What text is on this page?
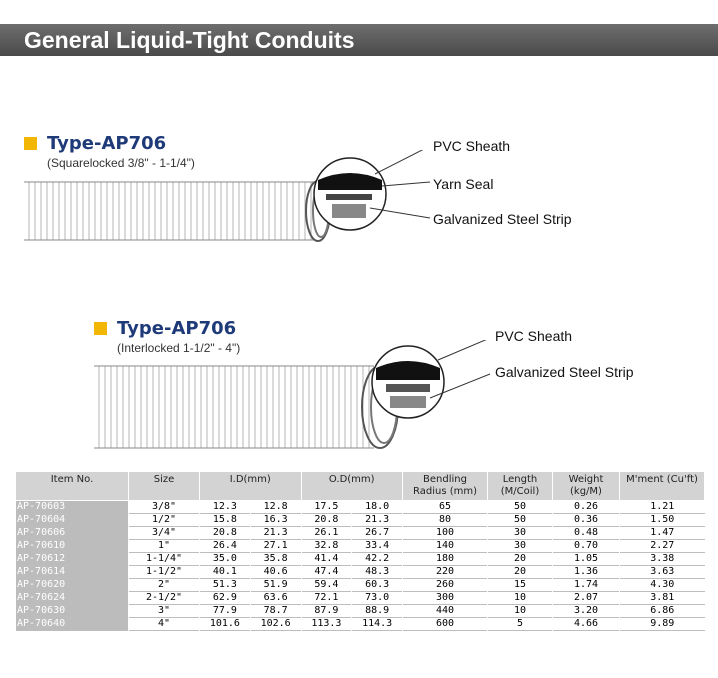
General Liquid-Tight Conduits
Type-AP706
(Squarelocked 3/8" - 1-1/4")
PVC Sheath
Yarn Seal
Galvanized Steel Strip
Type-AP706
(Interlocked 1-1/2" - 4")
PVC Sheath
Galvanized Steel Strip
Item No.	Size	I.D(mm)		O.D(mm)		Bendling Radius (mm)	Length (M/Coil)	Weight (kg/M)	M'ment (Cu'ft)
AP-70603	3/8"	12.3	12.8	17.5	18.0	65	50	0.26	1.21
AP-70604	1/2"	15.8	16.3	20.8	21.3	80	50	0.36	1.50
AP-70606	3/4"	20.8	21.3	26.1	26.7	100	30	0.48	1.47
AP-70610	1"	26.4	27.1	32.8	33.4	140	30	0.70	2.27
AP-70612	1-1/4"	35.0	35.8	41.4	42.2	180	20	1.05	3.38
AP-70614	1-1/2"	40.1	40.6	47.4	48.3	220	20	1.36	3.63
AP-70620	2"	51.3	51.9	59.4	60.3	260	15	1.74	4.30
AP-70624	2-1/2"	62.9	63.6	72.1	73.0	300	10	2.07	3.81
AP-70630	3"	77.9	78.7	87.9	88.9	440	10	3.20	6.86
AP-70640	4"	101.6	102.6	113.3	114.3	600	5	4.66	9.89
